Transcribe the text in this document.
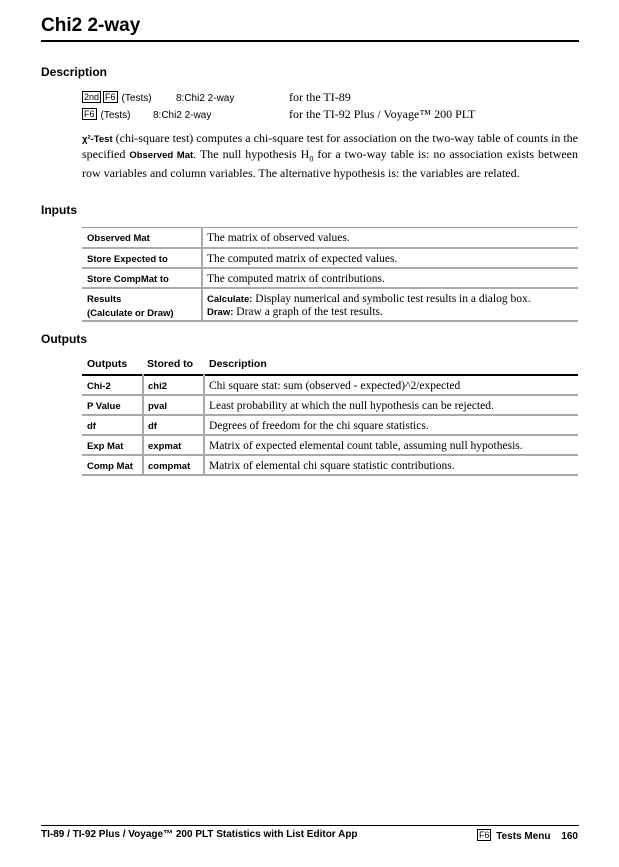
Chi2 2-way
Description
2nd F6 (Tests) 8:Chi2 2-way	for the TI-89
F6 (Tests) 8:Chi2 2-way	for the TI-92 Plus / Voyage™ 200 PLT

χ²-Test (chi-square test) computes a chi-square test for association on the two-way table of counts in the specified Observed Mat. The null hypothesis $H_0$ for a two-way table is: no association exists between row variables and column variables. The alternative hypothesis is: the variables are related.

Inputs
Observed Mat	The matrix of observed values.
Store Expected to	The computed matrix of expected values.
Store CompMat to	The computed matrix of contributions.
Results
(Calculate or Draw)	Calculate: Display numerical and symbolic test results in a dialog box.
Draw: Draw a graph of the test results.
Outputs
Outputs	Stored to	Description
Chi-2	chi2	Chi square stat: sum (observed - expected)^2/expected
P Value	pval	Least probability at which the null hypothesis can be rejected.
df	df	Degrees of freedom for the chi square statistics.
Exp Mat	expmat	Matrix of expected elemental count table, assuming null hypothesis.
Comp Mat	compmat	Matrix of elemental chi square statistic contributions.
TI-89 / TI-92 Plus / Voyage™ 200 PLT Statistics with List Editor App	F6 Tests Menu 160
